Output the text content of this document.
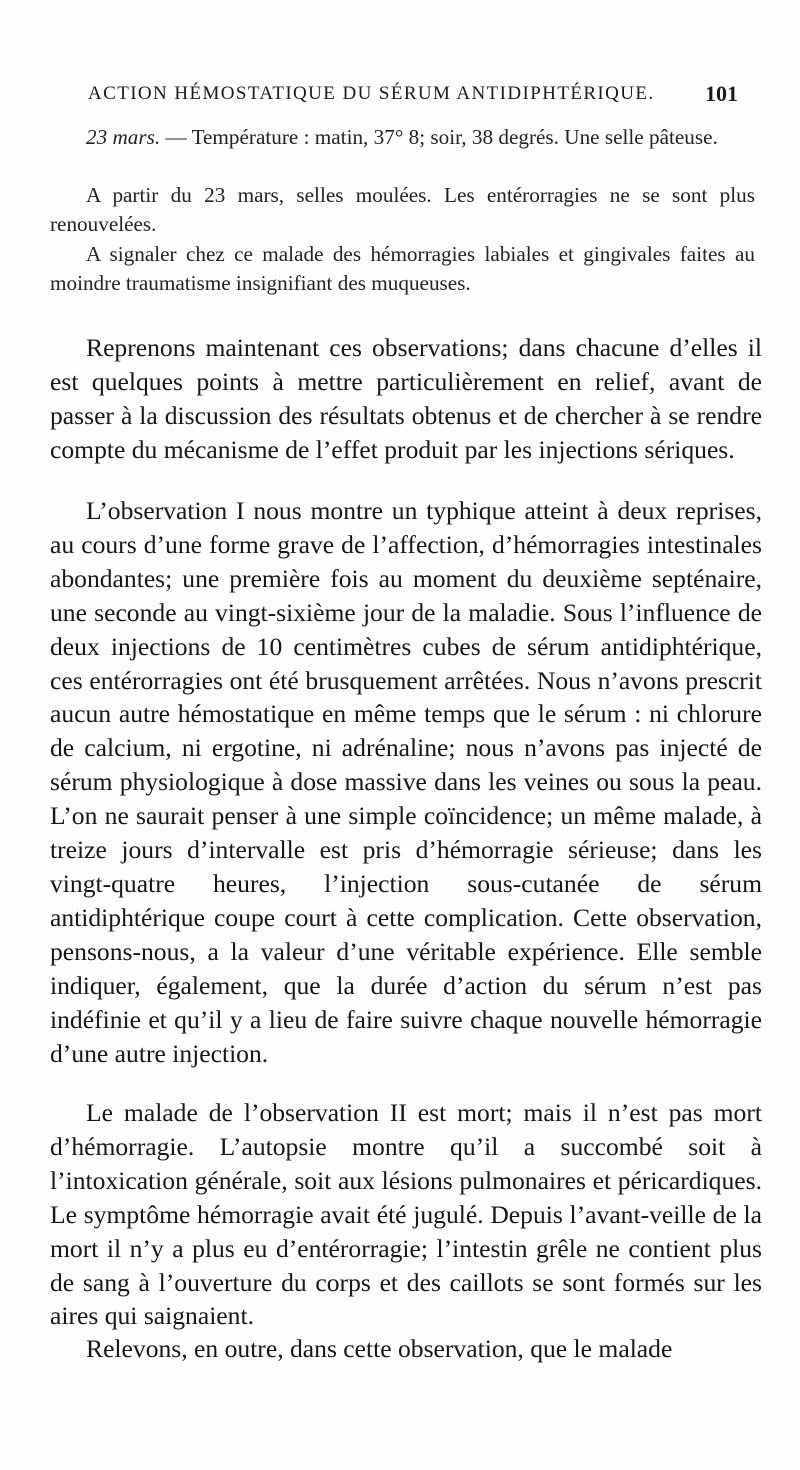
ACTION HÉMOSTATIQUE DU SÉRUM ANTIDIPHTÉRIQUE. 101
23 mars. — Température : matin, 37° 8; soir, 38 degrés. Une selle pâteuse.
A partir du 23 mars, selles moulées. Les entérorragies ne se sont plus renouvelées.
A signaler chez ce malade des hémorragies labiales et gingivales faites au moindre traumatisme insignifiant des muqueuses.
Reprenons maintenant ces observations; dans chacune d’elles il est quelques points à mettre particulièrement en relief, avant de passer à la discussion des résultats obtenus et de chercher à se rendre compte du mécanisme de l’effet produit par les injections sériques.
L’observation I nous montre un typhique atteint à deux reprises, au cours d’une forme grave de l’affection, d’hémorragies intestinales abondantes; une première fois au moment du deuxième septénaire, une seconde au vingt-sixième jour de la maladie. Sous l’influence de deux injections de 10 centimètres cubes de sérum antidiphtérique, ces entérorragies ont été brusquement arrêtées. Nous n’avons prescrit aucun autre hémostatique en même temps que le sérum : ni chlorure de calcium, ni ergotine, ni adrénaline; nous n’avons pas injecté de sérum physiologique à dose massive dans les veines ou sous la peau. L’on ne saurait penser à une simple coïncidence; un même malade, à treize jours d’intervalle est pris d’hémorragie sérieuse; dans les vingt-quatre heures, l’injection sous-cutanée de sérum antidiphtérique coupe court à cette complication. Cette observation, pensons-nous, a la valeur d’une véritable expérience. Elle semble indiquer, également, que la durée d’action du sérum n’est pas indéfinie et qu’il y a lieu de faire suivre chaque nouvelle hémorragie d’une autre injection.
Le malade de l’observation II est mort; mais il n’est pas mort d’hémorragie. L’autopsie montre qu’il a succombé soit à l’intoxication générale, soit aux lésions pulmonaires et péricardiques. Le symptôme hémorragie avait été jugulé. Depuis l’avant-veille de la mort il n’y a plus eu d’entérorragie; l’intestin grêle ne contient plus de sang à l’ouverture du corps et des caillots se sont formés sur les aires qui saignaient.
Relevons, en outre, dans cette observation, que le malade
